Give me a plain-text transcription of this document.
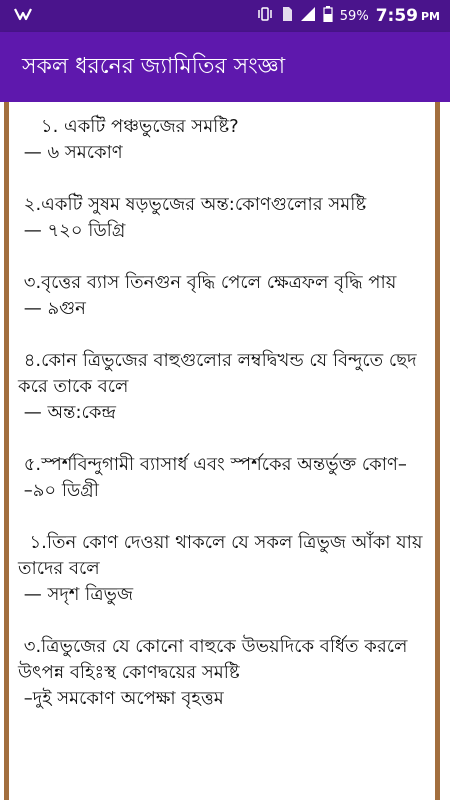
59% 7:59 PM
সকল ধরনের জ্যামিতির সংজ্ঞা
১. একটি পঞ্চভুজের সমষ্টি?
— ৬ সমকোণ
২.একটি সুষম ষড়ভুজের অন্ত:কোণগুলোর সমষ্টি
— ৭২০ ডিগ্রি
৩.বৃত্তের ব্যাস তিনগুন বৃদ্ধি পেলে ক্ষেত্রফল বৃদ্ধি পায়
— ৯গুন
৪.কোন ত্রিভুজের বাহুগুলোর লম্বদ্বিখন্ড যে বিন্দুতে ছেদ করে তাকে বলে
— অন্ত:কেন্দ্র
৫.স্পর্শবিন্দুগামী ব্যাসার্ধ এবং স্পর্শকের অন্তর্ভুক্ত কোণ–
–৯০ ডিগ্রী
১.তিন কোণ দেওয়া থাকলে যে সকল ত্রিভুজ আঁকা যায় তাদের বলে
— সদৃশ ত্রিভুজ
৩.ত্রিভুজের যে কোনো বাহুকে উভয়দিকে বর্ধিত করলে উৎপন্ন বহিঃস্থ কোণদ্বয়ের সমষ্টি
–দুই সমকোণ অপেক্ষা বৃহত্তম
